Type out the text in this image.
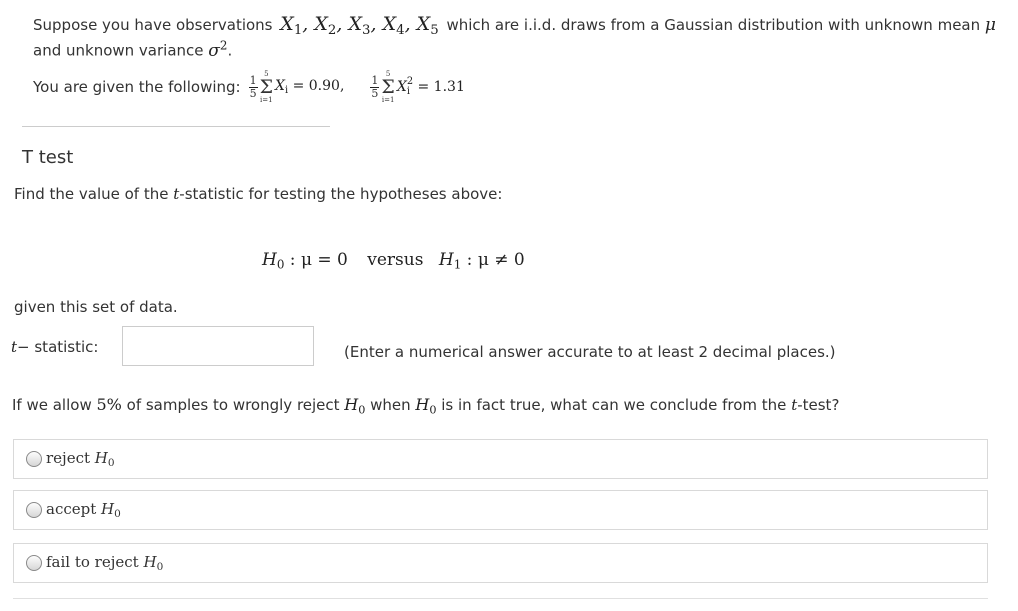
Suppose you have observations $X_1$, $X_2$, $X_3$, $X_4$, $X_5$ which are i.i.d. draws from a Gaussian distribution with unknown mean μ
and unknown variance $\sigma^2$.
You are given the following: $\frac{1}{5}$
5
Σ
i=1
$X_i = 0.90$, $\frac{1}{5}$
5
Σ
i=1
X 2
i = 1.31
T test
Find the value of the t-statistic for testing the hypotheses above:
$H_0$ : μ = 0 versus $H_1$ : μ ≠ 0
given this set of data.
t− statistic:	(Enter a numerical answer accurate to at least 2 decimal places.)
If we allow 5% of samples to wrongly reject $H_0$ when $H_0$ is in fact true, what can we conclude from the t-test?
reject $H_0$
accept $H_0$
fail to reject $H_0$
